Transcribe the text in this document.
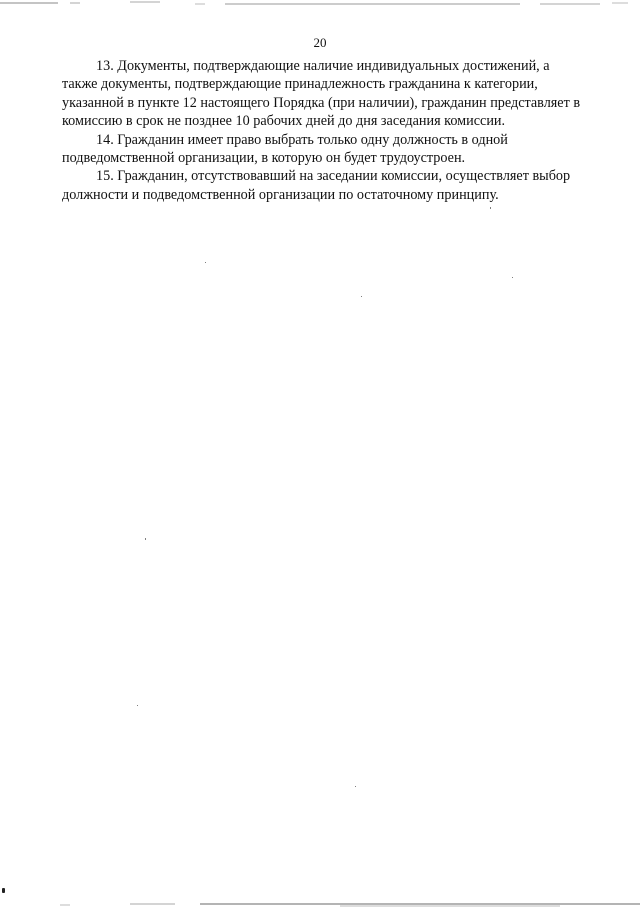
20

13. Документы, подтверждающие наличие индивидуальных достижений, а
также документы, подтверждающие принадлежность гражданина к категории,
указанной в пункте 12 настоящего Порядка (при наличии), гражданин представляет в
комиссию в срок не позднее 10 рабочих дней до дня заседания комиссии.

14. Гражданин имеет право выбрать только одну должность в одной
подведомственной организации, в которую он будет трудоустроен.

15. Гражданин, отсутствовавший на заседании комиссии, осуществляет выбор
должности и подведомственной организации по остаточному принципу.
